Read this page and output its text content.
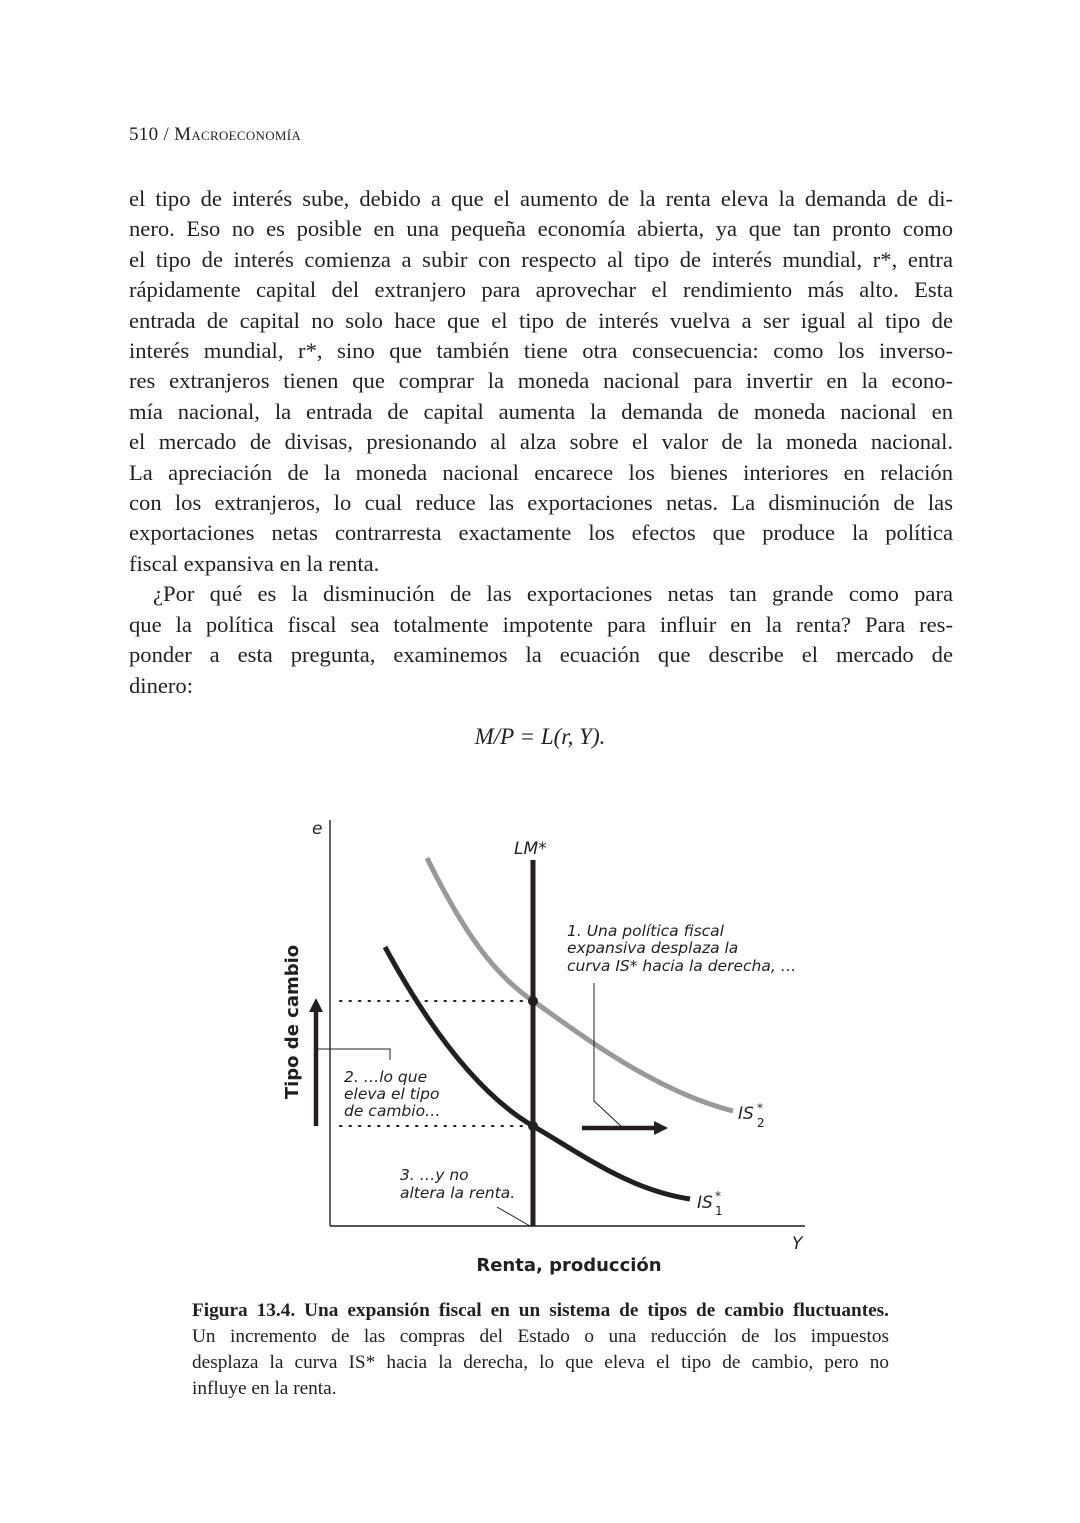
510 / Macroeconomía

el tipo de interés sube, debido a que el aumento de la renta eleva la demanda de di-
nero. Eso no es posible en una pequeña economía abierta, ya que tan pronto como
el tipo de interés comienza a subir con respecto al tipo de interés mundial, r*, entra
rápidamente capital del extranjero para aprovechar el rendimiento más alto. Esta
entrada de capital no solo hace que el tipo de interés vuelva a ser igual al tipo de
interés mundial, r*, sino que también tiene otra consecuencia: como los inverso-
res extranjeros tienen que comprar la moneda nacional para invertir en la econo-
mía nacional, la entrada de capital aumenta la demanda de moneda nacional en
el mercado de divisas, presionando al alza sobre el valor de la moneda nacional.
La apreciación de la moneda nacional encarece los bienes interiores en relación
con los extranjeros, lo cual reduce las exportaciones netas. La disminución de las
exportaciones netas contrarresta exactamente los efectos que produce la política
fiscal expansiva en la renta.

¿Por qué es la disminución de las exportaciones netas tan grande como para
que la política fiscal sea totalmente impotente para influir en la renta? Para res-
ponder a esta pregunta, examinemos la ecuación que describe el mercado de
dinero:

M/P = L(r, Y).
e
Y
LM*
IS *
2
IS *
1
1. Una política fiscal
expansiva desplaza la
curva IS* hacia la derecha, …
2. …lo que
eleva el tipo
de cambio…
3. …y no
altera la renta.
Tipo de cambio
Renta, producción
Figura 13.4. Una expansión fiscal en un sistema de tipos de cambio fluctuantes.
Un incremento de las compras del Estado o una reducción de los impuestos
desplaza la curva IS* hacia la derecha, lo que eleva el tipo de cambio, pero no
influye en la renta.
